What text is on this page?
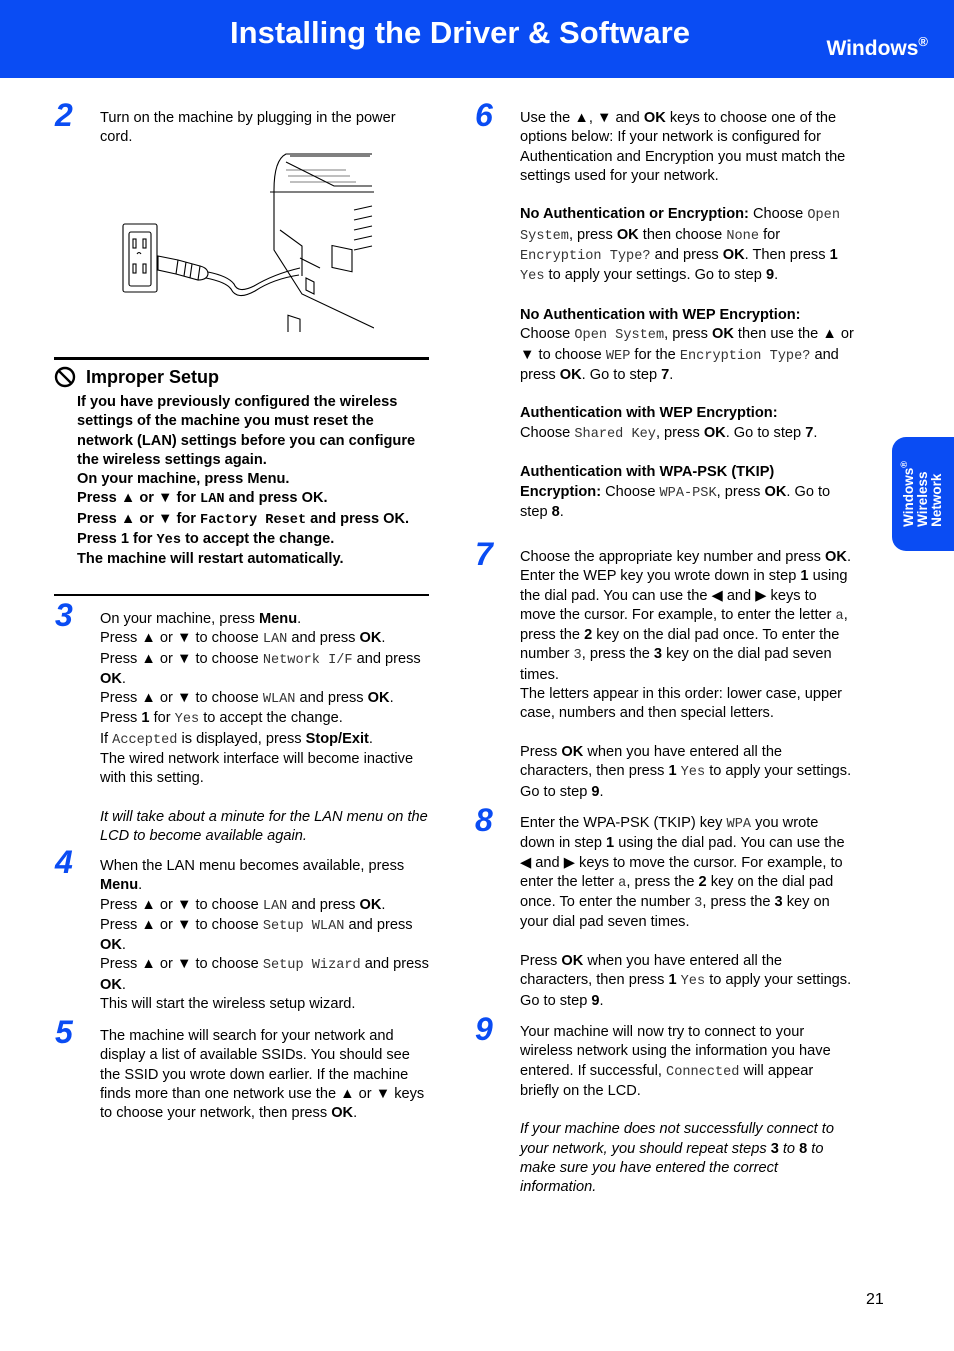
Installing the Driver & Software	Windows®
Windows®
Wireless Network
2 Turn on the machine by plugging in the power cord.

Improper Setup

If you have previously configured the wireless settings of the machine you must reset the network (LAN) settings before you can configure the wireless settings again.

On your machine, press Menu.

Press ▲ or ▼ for LAN and press OK.

Press ▲ or ▼ for Factory Reset and press OK.

Press 1 for Yes to accept the change.

The machine will restart automatically.

3 On your machine, press Menu.

Press ▲ or ▼ to choose LAN and press OK.

Press ▲ or ▼ to choose Network I/F and press OK.

Press ▲ or ▼ to choose WLAN and press OK.

Press 1 for Yes to accept the change.

If Accepted is displayed, press Stop/Exit.

The wired network interface will become inactive with this setting.

It will take about a minute for the LAN menu on the LCD to become available again.

4 When the LAN menu becomes available, press Menu.

Press ▲ or ▼ to choose LAN and press OK.

Press ▲ or ▼ to choose Setup WLAN and press OK.

Press ▲ or ▼ to choose Setup Wizard and press OK.

This will start the wireless setup wizard.

5 The machine will search for your network and display a list of available SSIDs. You should see the SSID you wrote down earlier. If the machine finds more than one network use the ▲ or ▼ keys to choose your network, then press OK.

6 Use the ▲, ▼ and OK keys to choose one of the options below: If your network is configured for Authentication and Encryption you must match the settings used for your network.

No Authentication or Encryption: Choose Open System, press OK then choose None for Encryption Type? and press OK. Then press 1 Yes to apply your settings. Go to step 9.

No Authentication with WEP Encryption:
Choose Open System, press OK then use the ▲ or ▼ to choose WEP for the Encryption Type? and press OK. Go to step 7.

Authentication with WEP Encryption:
Choose Shared Key, press OK. Go to step 7.

Authentication with WPA-PSK (TKIP) Encryption: Choose WPA-PSK, press OK. Go to step 8.

7 Choose the appropriate key number and press OK. Enter the WEP key you wrote down in step 1 using the dial pad. You can use the ◀ and ▶ keys to move the cursor. For example, to enter the letter a, press the 2 key on the dial pad once. To enter the number 3, press the 3 key on the dial pad seven times.

The letters appear in this order: lower case, upper case, numbers and then special letters.

Press OK when you have entered all the characters, then press 1 Yes to apply your settings. Go to step 9.

8 Enter the WPA-PSK (TKIP) key WPA you wrote down in step 1 using the dial pad. You can use the ◀ and ▶ keys to move the cursor. For example, to enter the letter a, press the 2 key on the dial pad once. To enter the number 3, press the 3 key on your dial pad seven times.

Press OK when you have entered all the characters, then press 1 Yes to apply your settings. Go to step 9.

9 Your machine will now try to connect to your wireless network using the information you have entered. If successful, Connected will appear briefly on the LCD.

If your machine does not successfully connect to your network, you should repeat steps 3 to 8 to make sure you have entered the correct information.

21
